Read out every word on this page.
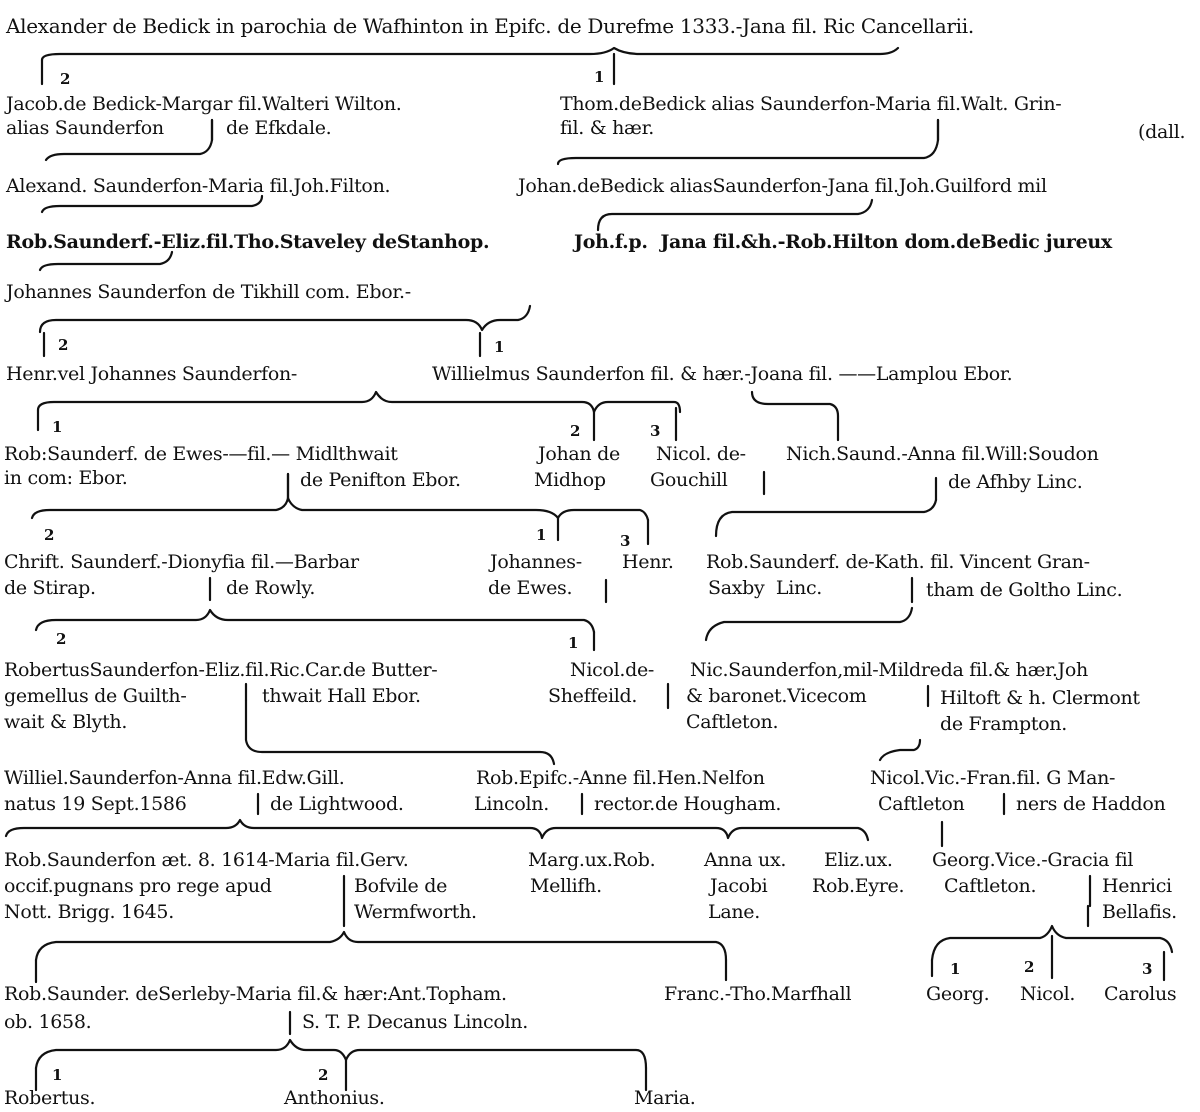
Alexander de Bedick in parochia de Wafhinton in Epifc. de Durefme 1333.-Jana fil. Ric Cancellarii.
2	1
2	1
1	2	3
2	1	3
2	1
1	2	3
1	2
Jacob.de Bedick-Margar fil.Walteri Wilton.
alias Saunderfon	de Efkdale.
Thom.deBedick alias Saunderfon-Maria fil.Walt. Grin-
fil. & hær.	(dall.
Alexand. Saunderfon-Maria fil.Joh.Filton.	Johan.deBedick aliasSaunderfon-Jana fil.Joh.Guilford mil
Rob.Saunderf.-Eliz.fil.Tho.Staveley deStanhop.	Joh.f.p.  Jana fil.&h.-Rob.Hilton dom.deBedic jureux
Johannes Saunderfon de Tikhill com. Ebor.-
Henr.vel Johannes Saunderfon-	Willielmus Saunderfon fil. & hær.-Joana fil. ——Lamplou Ebor.
Rob:Saunderf. de Ewes-—fil.— Midlthwait
in com: Ebor.	de Penifton Ebor.
Johan de
Midhop
Nicol. de-
Gouchill
Nich.Saund.-Anna fil.Will:Soudon
de Afhby Linc.
Chrift. Saunderf.-Dionyfia fil.—Barbar
de Stirap.	de Rowly.
Johannes-
de Ewes.
Henr. Rob.Saunderf. de-Kath. fil. Vincent Gran-
Saxby  Linc.	tham de Goltho Linc.
RobertusSaunderfon-Eliz.fil.Ric.Car.de Butter-
gemellus de Guilth-
wait & Blyth.
thwait Hall Ebor.
Nicol.de-
Sheffeild.
Nic.Saunderfon,mil-Mildreda fil.& hær.Joh
& baronet.Vicecom
Caftleton.
Hiltoft & h. Clermont
de Frampton.
Williel.Saunderfon-Anna fil.Edw.Gill.
natus 19 Sept.1586	de Lightwood.
Rob.Epifc.-Anne fil.Hen.Nelfon
Lincoln. rector.de Hougham.
Nicol.Vic.-Fran.fil. G Man-
Caftleton	ners de Haddon
Rob.Saunderfon æt. 8. 1614-Maria fil.Gerv.
occif.pugnans pro rege apud
Nott. Brigg. 1645.
Bofvile de
Wermfworth.
Marg.ux.Rob.
Mellifh.
Anna ux.
Jacobi
Lane.
Eliz.ux.
Rob.Eyre.
Georg.Vice.-Gracia fil
Caftleton.	Henrici
Bellafis.
Rob.Saunder. deSerleby-Maria fil.& hær:Ant.Topham.
ob. 1658.	S. T. P. Decanus Lincoln.
Franc.-Tho.Marfhall	Georg. Nicol. Carolus
Robertus.	Anthonius.	Maria.
